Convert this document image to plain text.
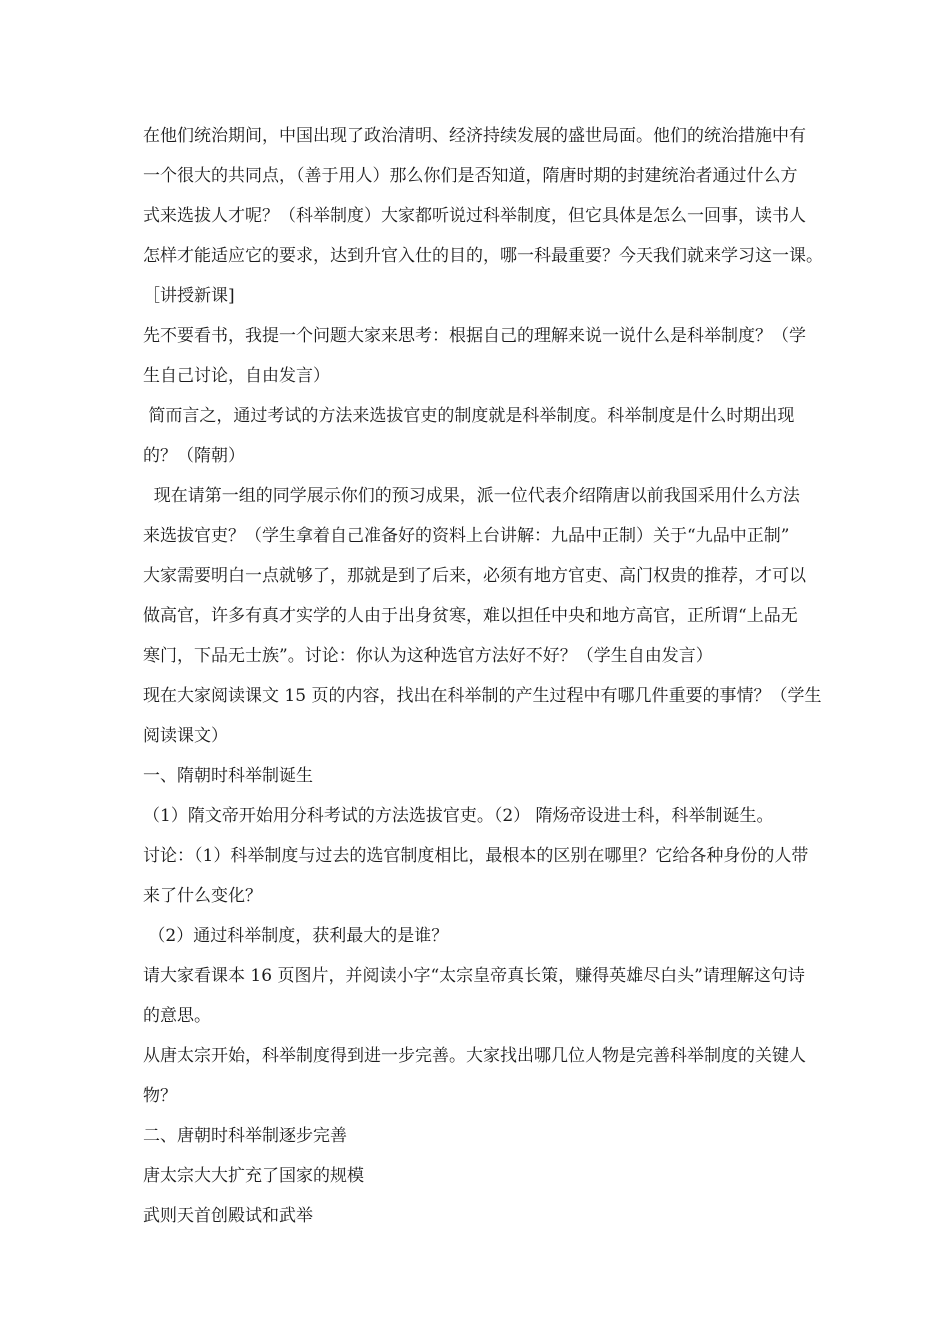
在他们统治期间，中国出现了政治清明、经济持续发展的盛世局面。他们的统治措施中有
一个很大的共同点，（善于用人）那么你们是否知道，隋唐时期的封建统治者通过什么方
式来选拔人才呢？（科举制度）大家都听说过科举制度，但它具体是怎么一回事，读书人
怎样才能适应它的要求，达到升官入仕的目的，哪一科最重要？今天我们就来学习这一课。
［讲授新课]
先不要看书，我提一个问题大家来思考：根据自己的理解来说一说什么是科举制度？（学
生自己讨论，自由发言）
简而言之，通过考试的方法来选拔官吏的制度就是科举制度。科举制度是什么时期出现
的？（隋朝）
现在请第一组的同学展示你们的预习成果，派一位代表介绍隋唐以前我国采用什么方法
来选拔官吏？（学生拿着自己准备好的资料上台讲解：九品中正制）关于“九品中正制”
大家需要明白一点就够了，那就是到了后来，必须有地方官吏、高门权贵的推荐，才可以
做高官，许多有真才实学的人由于出身贫寒，难以担任中央和地方高官，正所谓“上品无
寒门，下品无士族”。讨论：你认为这种选官方法好不好？（学生自由发言）
现在大家阅读课文 15 页的内容，找出在科举制的产生过程中有哪几件重要的事情？（学生
阅读课文）
一、隋朝时科举制诞生
（1）隋文帝开始用分科考试的方法选拔官吏。（2） 隋炀帝设进士科，科举制诞生。
讨论：（1）科举制度与过去的选官制度相比，最根本的区别在哪里？它给各种身份的人带
来了什么变化？
（2）通过科举制度，获利最大的是谁？
请大家看课本 16 页图片，并阅读小字“太宗皇帝真长策，赚得英雄尽白头”请理解这句诗
的意思。
从唐太宗开始，科举制度得到进一步完善。大家找出哪几位人物是完善科举制度的关键人
物？
二、唐朝时科举制逐步完善
唐太宗大大扩充了国家的规模
武则天首创殿试和武举
